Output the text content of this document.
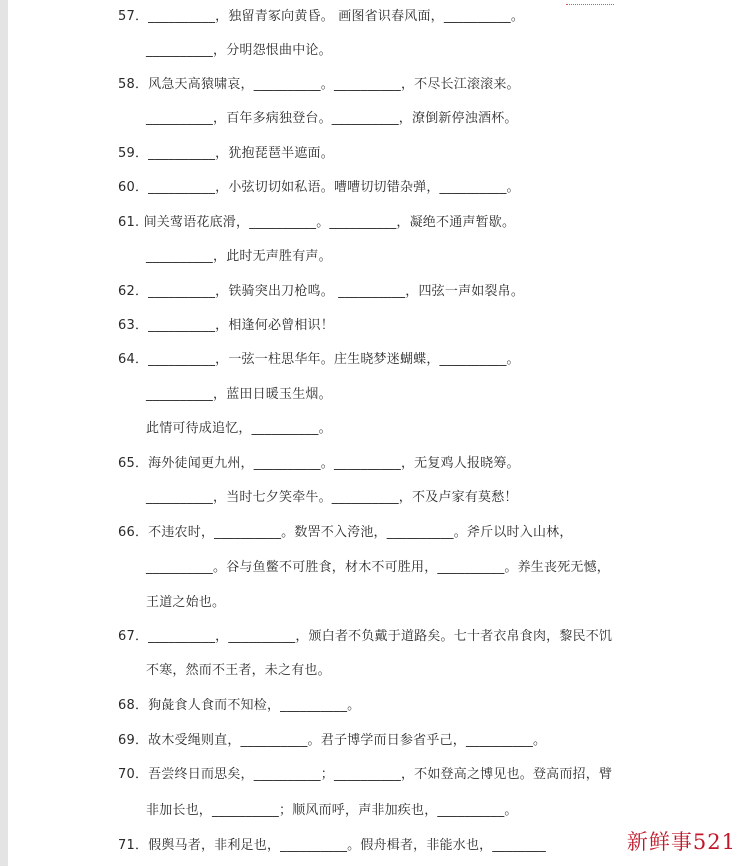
57．__________，独留青冢向黄昏。 画图省识春风面，__________。
__________，分明怨恨曲中论。
58．风急天高猿啸哀，__________。__________，不尽长江滚滚来。
__________，百年多病独登台。__________，潦倒新停浊酒杯。
59．__________，犹抱琵琶半遮面。
60．__________，小弦切切如私语。嘈嘈切切错杂弹，__________。
61. 间关莺语花底滑，__________。__________，凝绝不通声暂歇。
__________，此时无声胜有声。
62．__________，铁骑突出刀枪鸣。 __________，四弦一声如裂帛。
63．__________，相逢何必曾相识！
64．__________，一弦一柱思华年。庄生晓梦迷蝴蝶，__________。
__________，蓝田日暖玉生烟。
此情可待成追忆，__________。
65．海外徒闻更九州，__________。__________，无复鸡人报晓筹。
__________，当时七夕笑牵牛。__________，不及卢家有莫愁！
66．不违农时，__________。数罟不入洿池，__________。斧斤以时入山林，
__________。谷与鱼鳖不可胜食，材木不可胜用，__________。养生丧死无憾，
王道之始也。
67．__________，__________，颁白者不负戴于道路矣。七十者衣帛食肉，黎民不饥
不寒，然而不王者，未之有也。
68．狗彘食人食而不知检，__________。
69．故木受绳则直，__________。君子博学而日参省乎己，__________。
70．吾尝终日而思矣，__________；__________，不如登高之博见也。登高而招，臂
非加长也，__________；顺风而呼，声非加疾也，__________。
71．假舆马者，非利足也，__________。假舟楫者，非能水也，________	新鲜事521
